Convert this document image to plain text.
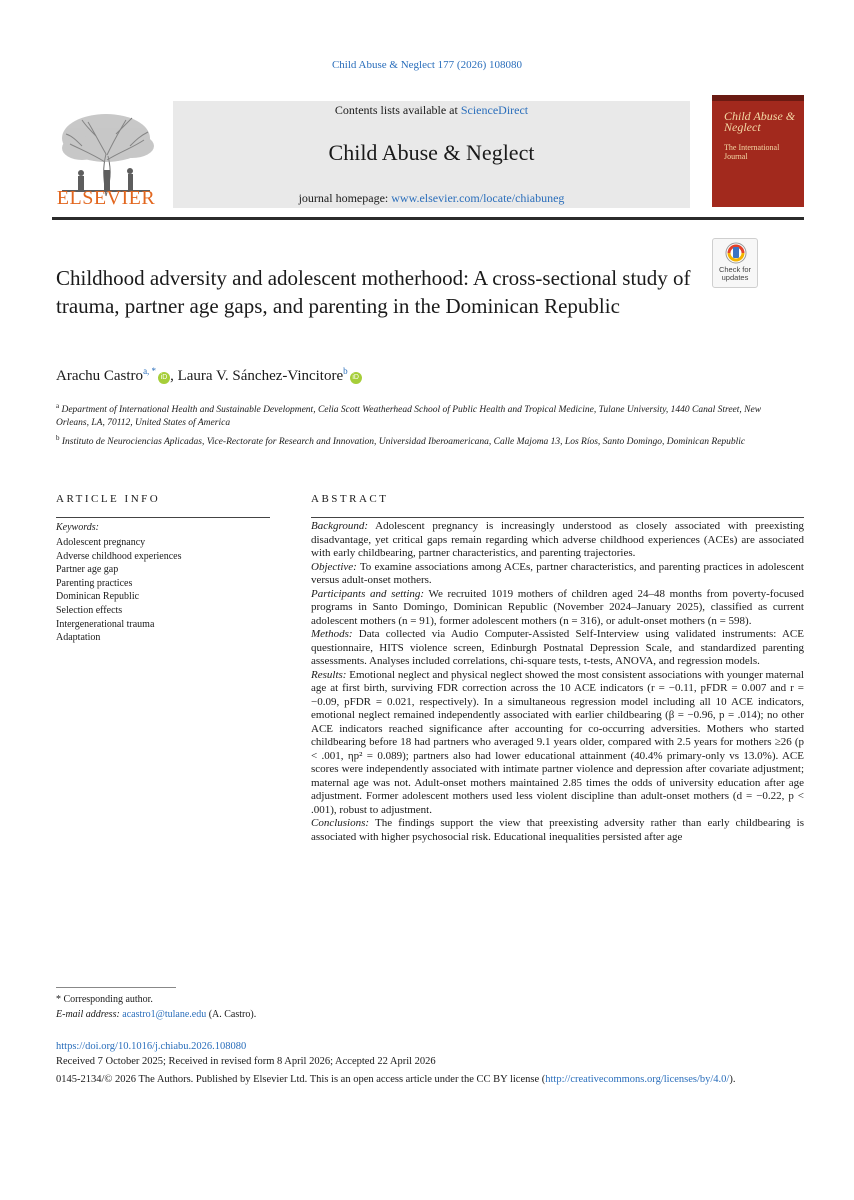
Child Abuse & Neglect 177 (2026) 108080
ELSEVIER
Contents lists available at ScienceDirect
Child Abuse & Neglect
journal homepage: www.elsevier.com/locate/chiabuneg
Child Abuse & Neglect
The International Journal
Check for updates
Childhood adversity and adolescent motherhood: A cross-sectional study of trauma, partner age gaps, and parenting in the Dominican Republic
Arachu Castro$^{a, *}$iD , Laura V. Sánchez-Vincitore$^b$iD

$^a$ Department of International Health and Sustainable Development, Celia Scott Weatherhead School of Public Health and Tropical Medicine, Tulane University, 1440 Canal Street, New Orleans, LA, 70112, United States of America

$^b$ Instituto de Neurociencias Aplicadas, Vice-Rectorate for Research and Innovation, Universidad Iberoamericana, Calle Majoma 13, Los Ríos, Santo Domingo, Dominican Republic

ARTICLE INFO
Keywords:
Adolescent pregnancy
Adverse childhood experiences
Partner age gap
Parenting practices
Dominican Republic
Selection effects
Intergenerational trauma
Adaptation
ABSTRACT

Background: Adolescent pregnancy is increasingly understood as closely associated with preexisting disadvantage, yet critical gaps remain regarding which adverse childhood experiences (ACEs) are associated with early childbearing, partner characteristics, and parenting trajectories.

Objective: To examine associations among ACEs, partner characteristics, and parenting practices in adolescent versus adult-onset mothers.

Participants and setting: We recruited 1019 mothers of children aged 24–48 months from poverty-focused programs in Santo Domingo, Dominican Republic (November 2024–January 2025), classified as current adolescent mothers (n = 91), former adolescent mothers (n = 316), or adult-onset mothers (n = 598).

Methods: Data collected via Audio Computer-Assisted Self-Interview using validated instruments: ACE questionnaire, HITS violence screen, Edinburgh Postnatal Depression Scale, and standardized parenting assessments. Analyses included correlations, chi-square tests, t-tests, ANOVA, and regression models.

Results: Emotional neglect and physical neglect showed the most consistent associations with younger maternal age at first birth, surviving FDR correction across the 10 ACE indicators (r = −0.11, pFDR = 0.007 and r = −0.09, pFDR = 0.021, respectively). In a simultaneous regression model including all 10 ACE indicators, emotional neglect remained independently associated with earlier childbearing (β = −0.96, p = .014); no other ACE indicators reached significance after accounting for co-occurring adversities. Mothers who started childbearing before 18 had partners who averaged 9.1 years older, compared with 2.5 years for mothers ≥26 (p < .001, ηp² = 0.089); partners also had lower educational attainment (40.4% primary-only vs 13.0%). ACE scores were independently associated with intimate partner violence and depression after covariate adjustment; maternal age was not. Adult-onset mothers maintained 2.85 times the odds of university education after age adjustment. Former adolescent mothers used less violent discipline than adult-onset mothers (d = −0.22, p < .001), robust to adjustment.

Conclusions: The findings support the view that preexisting adversity rather than early childbearing is associated with higher psychosocial risk. Educational inequalities persisted after age

* Corresponding author.
E-mail address: acastro1@tulane.edu (A. Castro).
https://doi.org/10.1016/j.chiabu.2026.108080
Received 7 October 2025; Received in revised form 8 April 2026; Accepted 22 April 2026
0145-2134/© 2026 The Authors. Published by Elsevier Ltd. This is an open access article under the CC BY license (http://creativecommons.org/licenses/by/4.0/).
